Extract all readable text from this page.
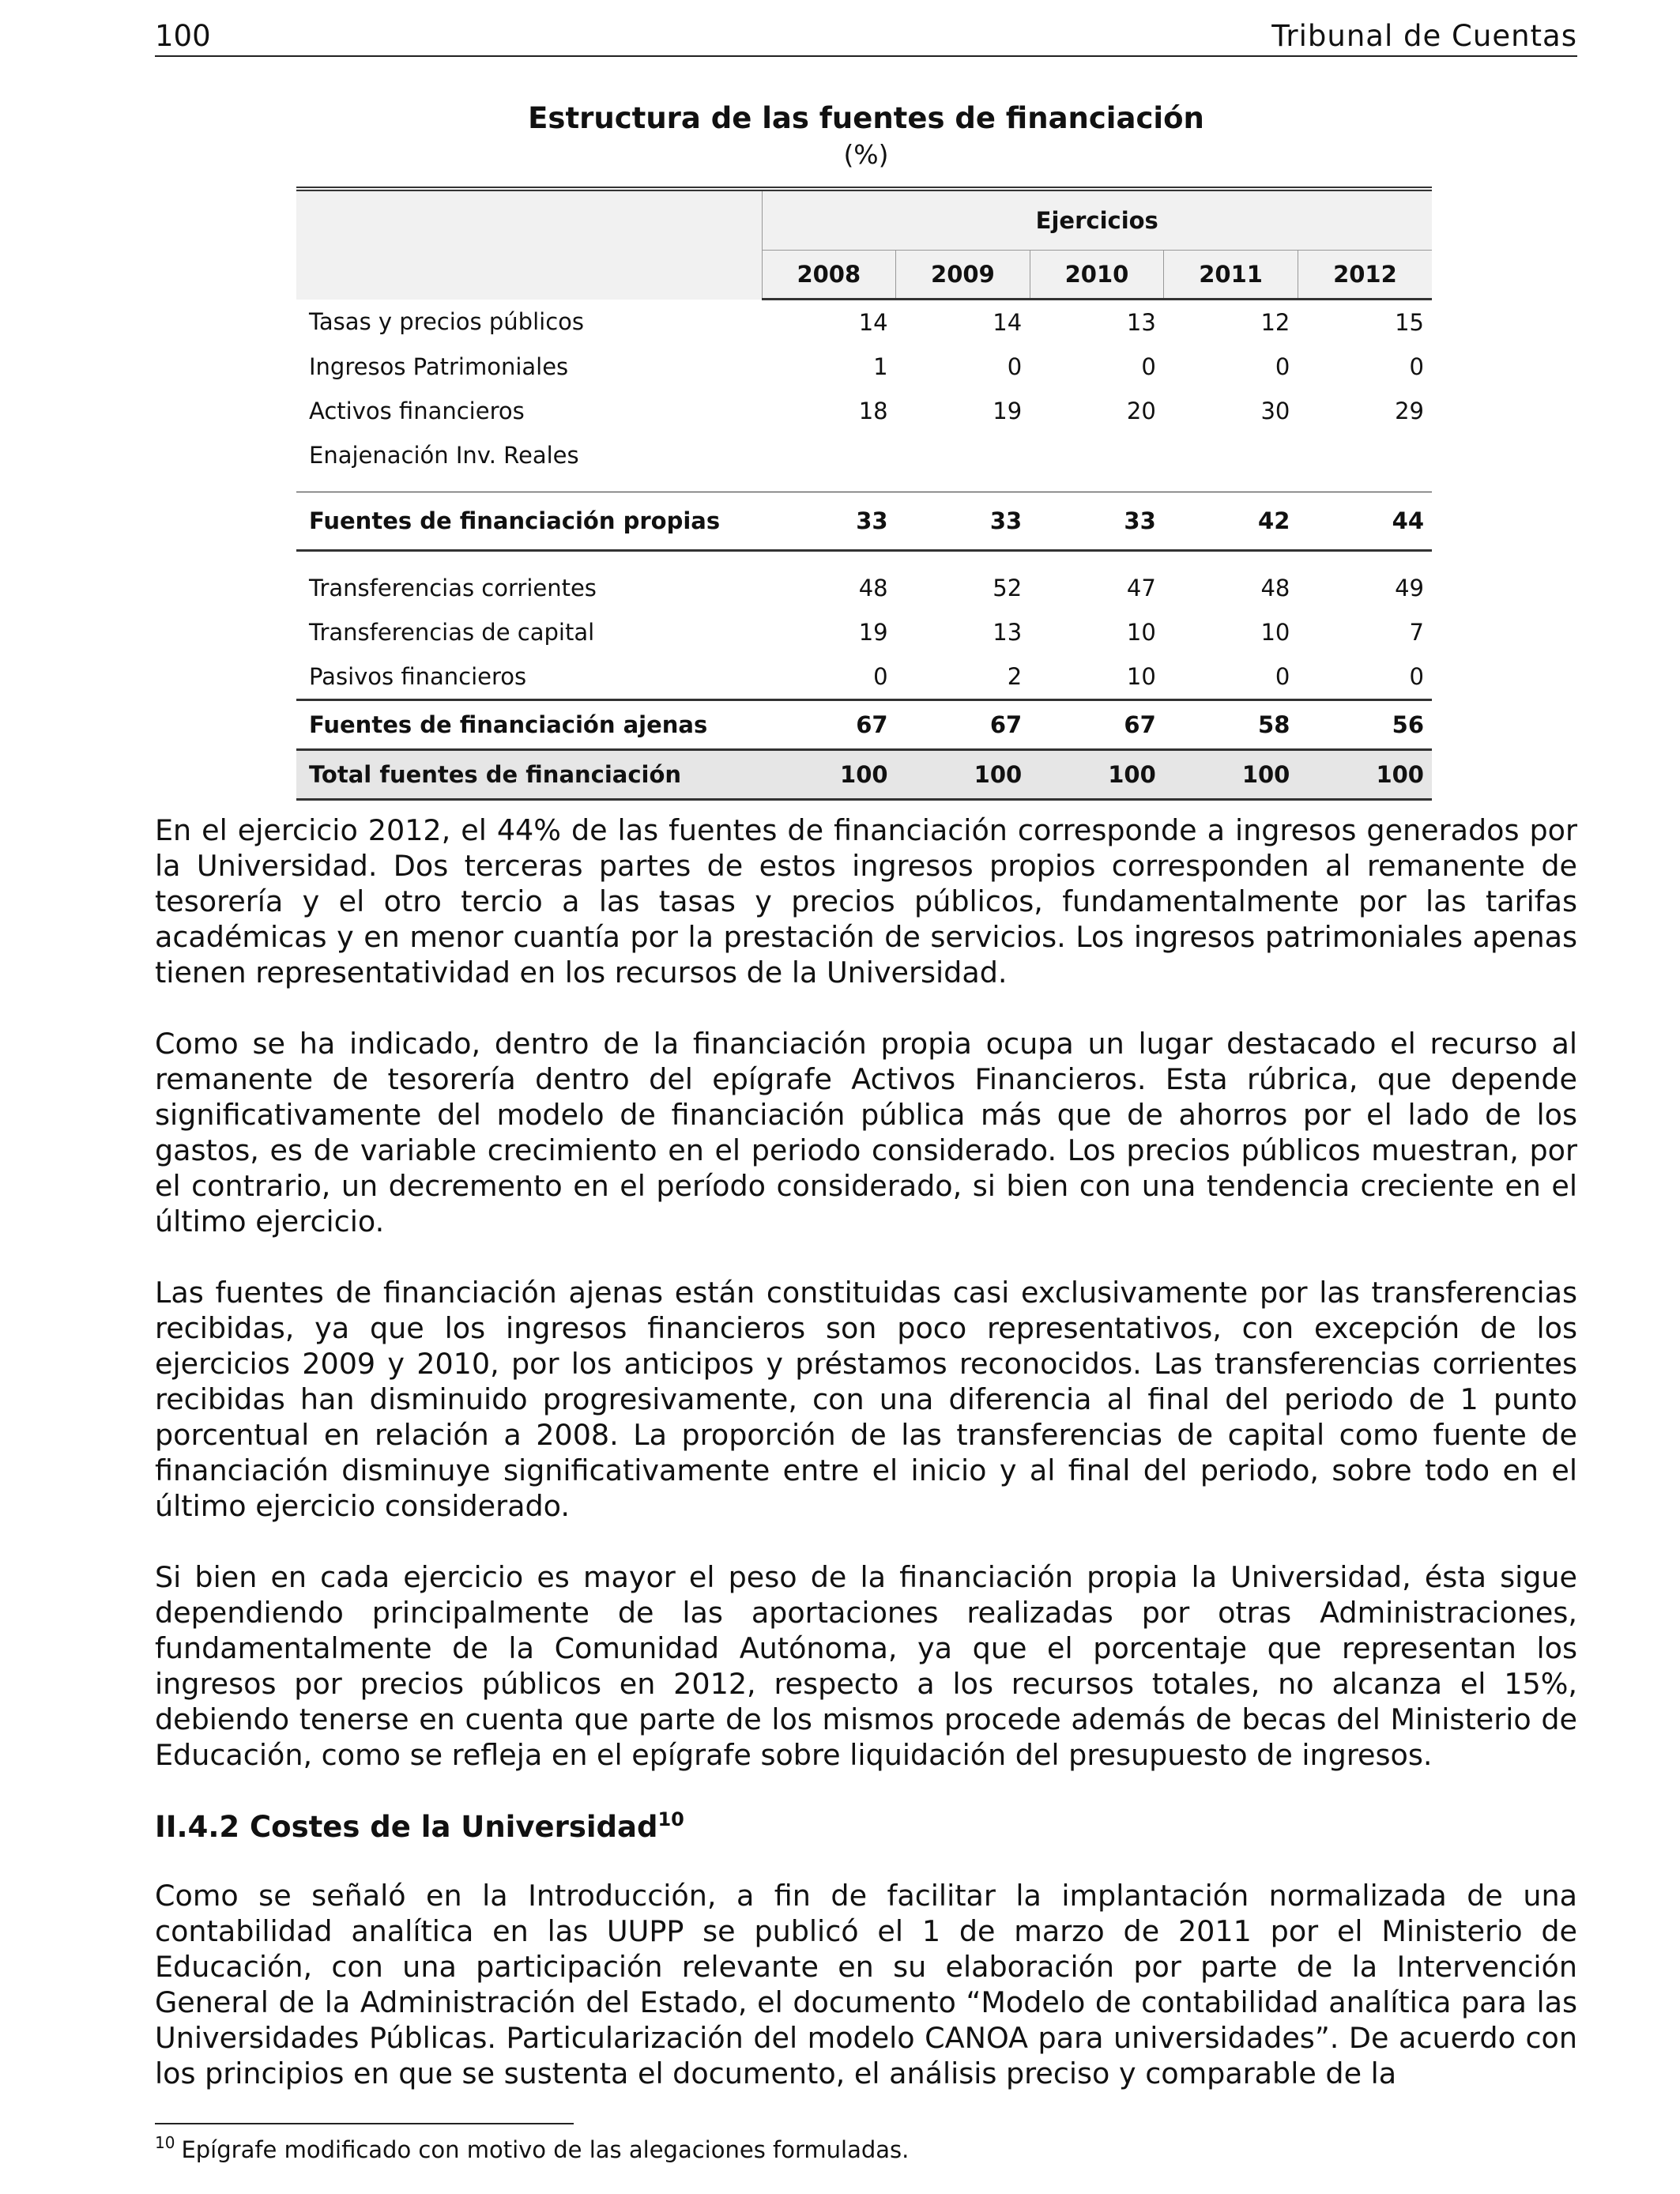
100	Tribunal de Cuentas
Estructura de las fuentes de financiación
(%)
	Ejercicios				
	2008	2009	2010	2011	2012
Tasas y precios públicos	14	14	13	12	15
Ingresos Patrimoniales	1	0	0	0	0
Activos financieros	18	19	20	30	29
Enajenación Inv. Reales					

Fuentes de financiación propias	33	33	33	42	44

Transferencias corrientes	48	52	47	48	49
Transferencias de capital	19	13	10	10	7
Pasivos financieros	0	2	10	0	0
Fuentes de financiación ajenas	67	67	67	58	56
Total fuentes de financiación	100	100	100	100	100

En el ejercicio 2012, el 44% de las fuentes de financiación corresponde a ingresos generados por la Universidad. Dos terceras partes de estos ingresos propios corresponden al remanente de tesorería y el otro tercio a las tasas y precios públicos, fundamentalmente por las tarifas académicas y en menor cuantía por la prestación de servicios. Los ingresos patrimoniales apenas tienen representatividad en los recursos de la Universidad.

Como se ha indicado, dentro de la financiación propia ocupa un lugar destacado el recurso al remanente de tesorería dentro del epígrafe Activos Financieros. Esta rúbrica, que depende significativamente del modelo de financiación pública más que de ahorros por el lado de los gastos, es de variable crecimiento en el periodo considerado. Los precios públicos muestran, por el contrario, un decremento en el período considerado, si bien con una tendencia creciente en el último ejercicio.

Las fuentes de financiación ajenas están constituidas casi exclusivamente por las transferencias recibidas, ya que los ingresos financieros son poco representativos, con excepción de los ejercicios 2009 y 2010, por los anticipos y préstamos reconocidos. Las transferencias corrientes recibidas han disminuido progresivamente, con una diferencia al final del periodo de 1 punto porcentual en relación a 2008. La proporción de las transferencias de capital como fuente de financiación disminuye significativamente entre el inicio y al final del periodo, sobre todo en el último ejercicio considerado.

Si bien en cada ejercicio es mayor el peso de la financiación propia la Universidad, ésta sigue dependiendo principalmente de las aportaciones realizadas por otras Administraciones, fundamentalmente de la Comunidad Autónoma, ya que el porcentaje que representan los ingresos por precios públicos en 2012, respecto a los recursos totales, no alcanza el 15%, debiendo tenerse en cuenta que parte de los mismos procede además de becas del Ministerio de Educación, como se refleja en el epígrafe sobre liquidación del presupuesto de ingresos.

II.4.2 Costes de la Universidad$^{10}$

Como se señaló en la Introducción, a fin de facilitar la implantación normalizada de una contabilidad analítica en las UUPP se publicó el 1 de marzo de 2011 por el Ministerio de Educación, con una participación relevante en su elaboración por parte de la Intervención General de la Administración del Estado, el documento “Modelo de contabilidad analítica para las Universidades Públicas. Particularización del modelo CANOA para universidades”. De acuerdo con los principios en que se sustenta el documento, el análisis preciso y comparable de la

$^{10}$ Epígrafe modificado con motivo de las alegaciones formuladas.
